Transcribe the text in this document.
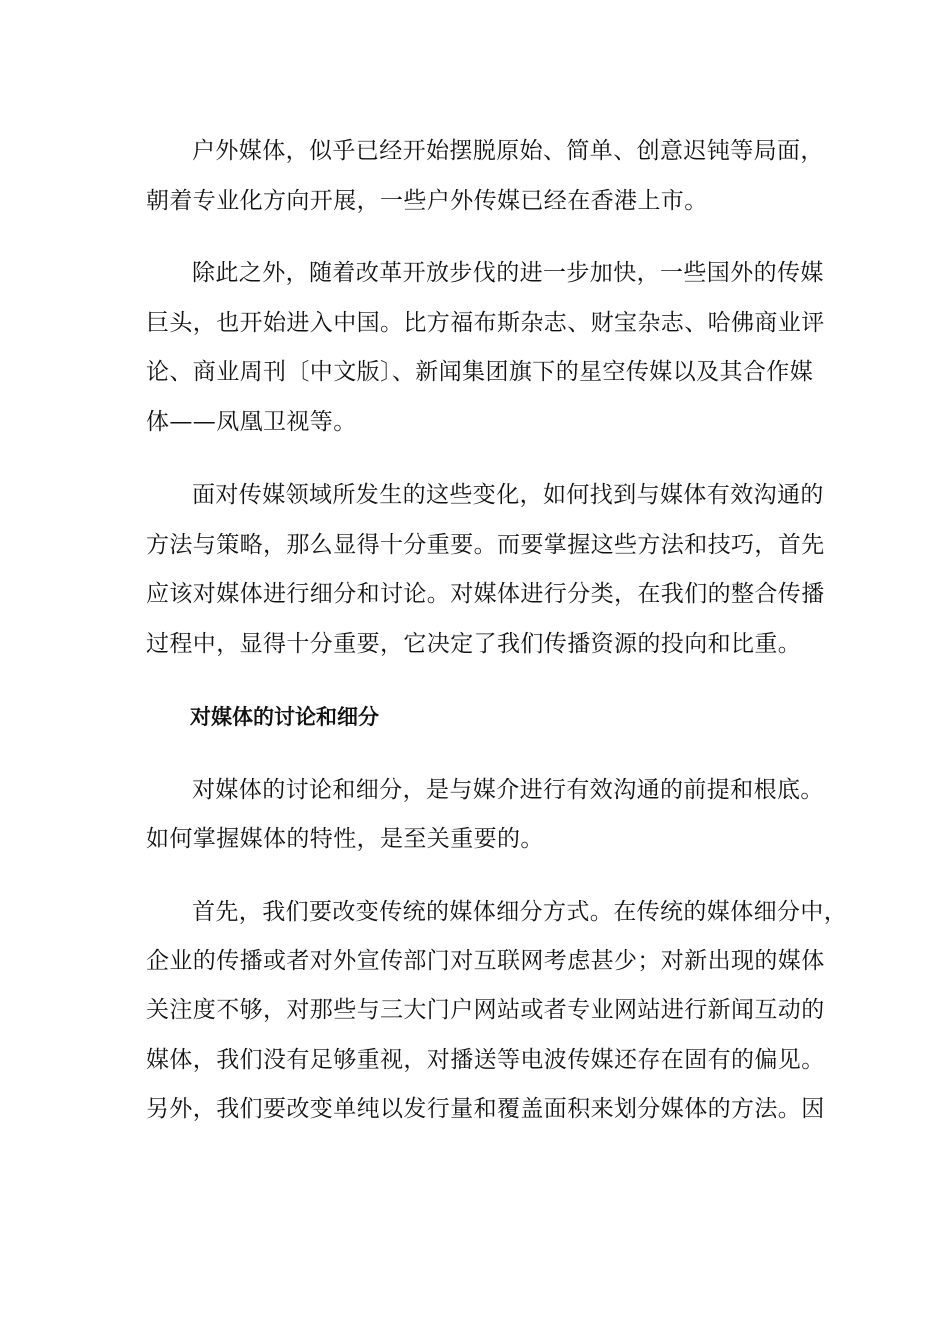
户外媒体，似乎已经开始摆脱原始、简单、创意迟钝等局面，
朝着专业化方向开展，一些户外传媒已经在香港上市。
除此之外，随着改革开放步伐的进一步加快，一些国外的传媒
巨头，也开始进入中国。比方福布斯杂志、财宝杂志、哈佛商业评
论、商业周刊〔中文版〕、新闻集团旗下的星空传媒以及其合作媒
体——凤凰卫视等。
面对传媒领域所发生的这些变化，如何找到与媒体有效沟通的
方法与策略，那么显得十分重要。而要掌握这些方法和技巧，首先
应该对媒体进行细分和讨论。对媒体进行分类，在我们的整合传播
过程中，显得十分重要，它决定了我们传播资源的投向和比重。
对媒体的讨论和细分
对媒体的讨论和细分，是与媒介进行有效沟通的前提和根底。
如何掌握媒体的特性，是至关重要的。
首先，我们要改变传统的媒体细分方式。在传统的媒体细分中，
企业的传播或者对外宣传部门对互联网考虑甚少；对新出现的媒体
关注度不够，对那些与三大门户网站或者专业网站进行新闻互动的
媒体，我们没有足够重视，对播送等电波传媒还存在固有的偏见。
另外，我们要改变单纯以发行量和覆盖面积来划分媒体的方法。因
